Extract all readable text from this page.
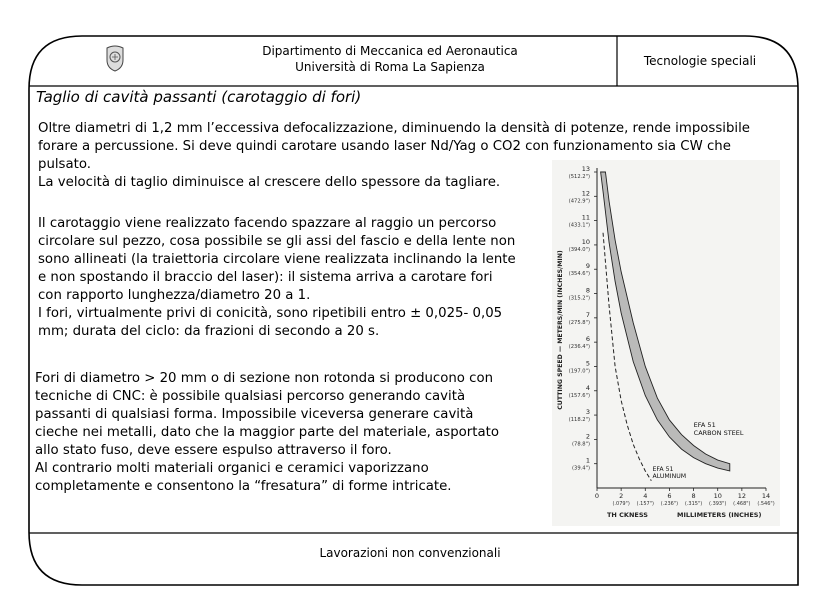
Dipartimento di Meccanica ed Aeronautica
Università di Roma La Sapienza	Tecnologie speciali
Taglio di cavità passanti (carotaggio di fori)
Oltre diametri di 1,2 mm l’eccessiva defocalizzazione, diminuendo la densità di potenze, rende impossibile
forare a percussione. Si deve quindi carotare usando laser Nd/Yag o CO2 con funzionamento sia CW che
pulsato.
La velocità di taglio diminuisce al crescere dello spessore da tagliare.
Il carotaggio viene realizzato facendo spazzare al raggio un percorso
circolare sul pezzo, cosa possibile se gli assi del fascio e della lente non
sono allineati (la traiettoria circolare viene realizzata inclinando la lente
e non spostando il braccio del laser): il sistema arriva a carotare fori
con rapporto lunghezza/diametro 20 a 1.
I fori, virtualmente privi di conicità, sono ripetibili entro ± 0,025- 0,05
mm; durata del ciclo: da frazioni di secondo a 20 s.
Fori di diametro > 20 mm o di sezione non rotonda si producono con
tecniche di CNC: è possibile qualsiasi percorso generando cavità
passanti di qualsiasi forma. Impossibile viceversa generare cavità
cieche nei metalli, dato che la maggior parte del materiale, asportato
allo stato fuso, deve essere espulso attraverso il foro.
Al contrario molti materiali organici e ceramici vaporizzano
completamente e consentono la “fresatura” di forme intricate.
13
(512.2")
12
(472.9")
11
(433.1")
10
(394.0")
9
(354.6")
8
(315.2")
7
(275.8")
6
(236.4")
5
(197.0")
4
(157.6")
3
(118.2")
2
(78.8")
1
(39.4")
0	2
(.079")
4
(.157")
6
(.236")
8
(.315")
10
(.393")
12
(.468")
14
(.546")
CUTTING SPEED — METERS/MIN (INCHES/MIN)
TH CKNESS	MILLIMETERS (INCHES)
EFA 51
CARBON STEEL
EFA 51
ALUMINUM
Lavorazioni non convenzionali
